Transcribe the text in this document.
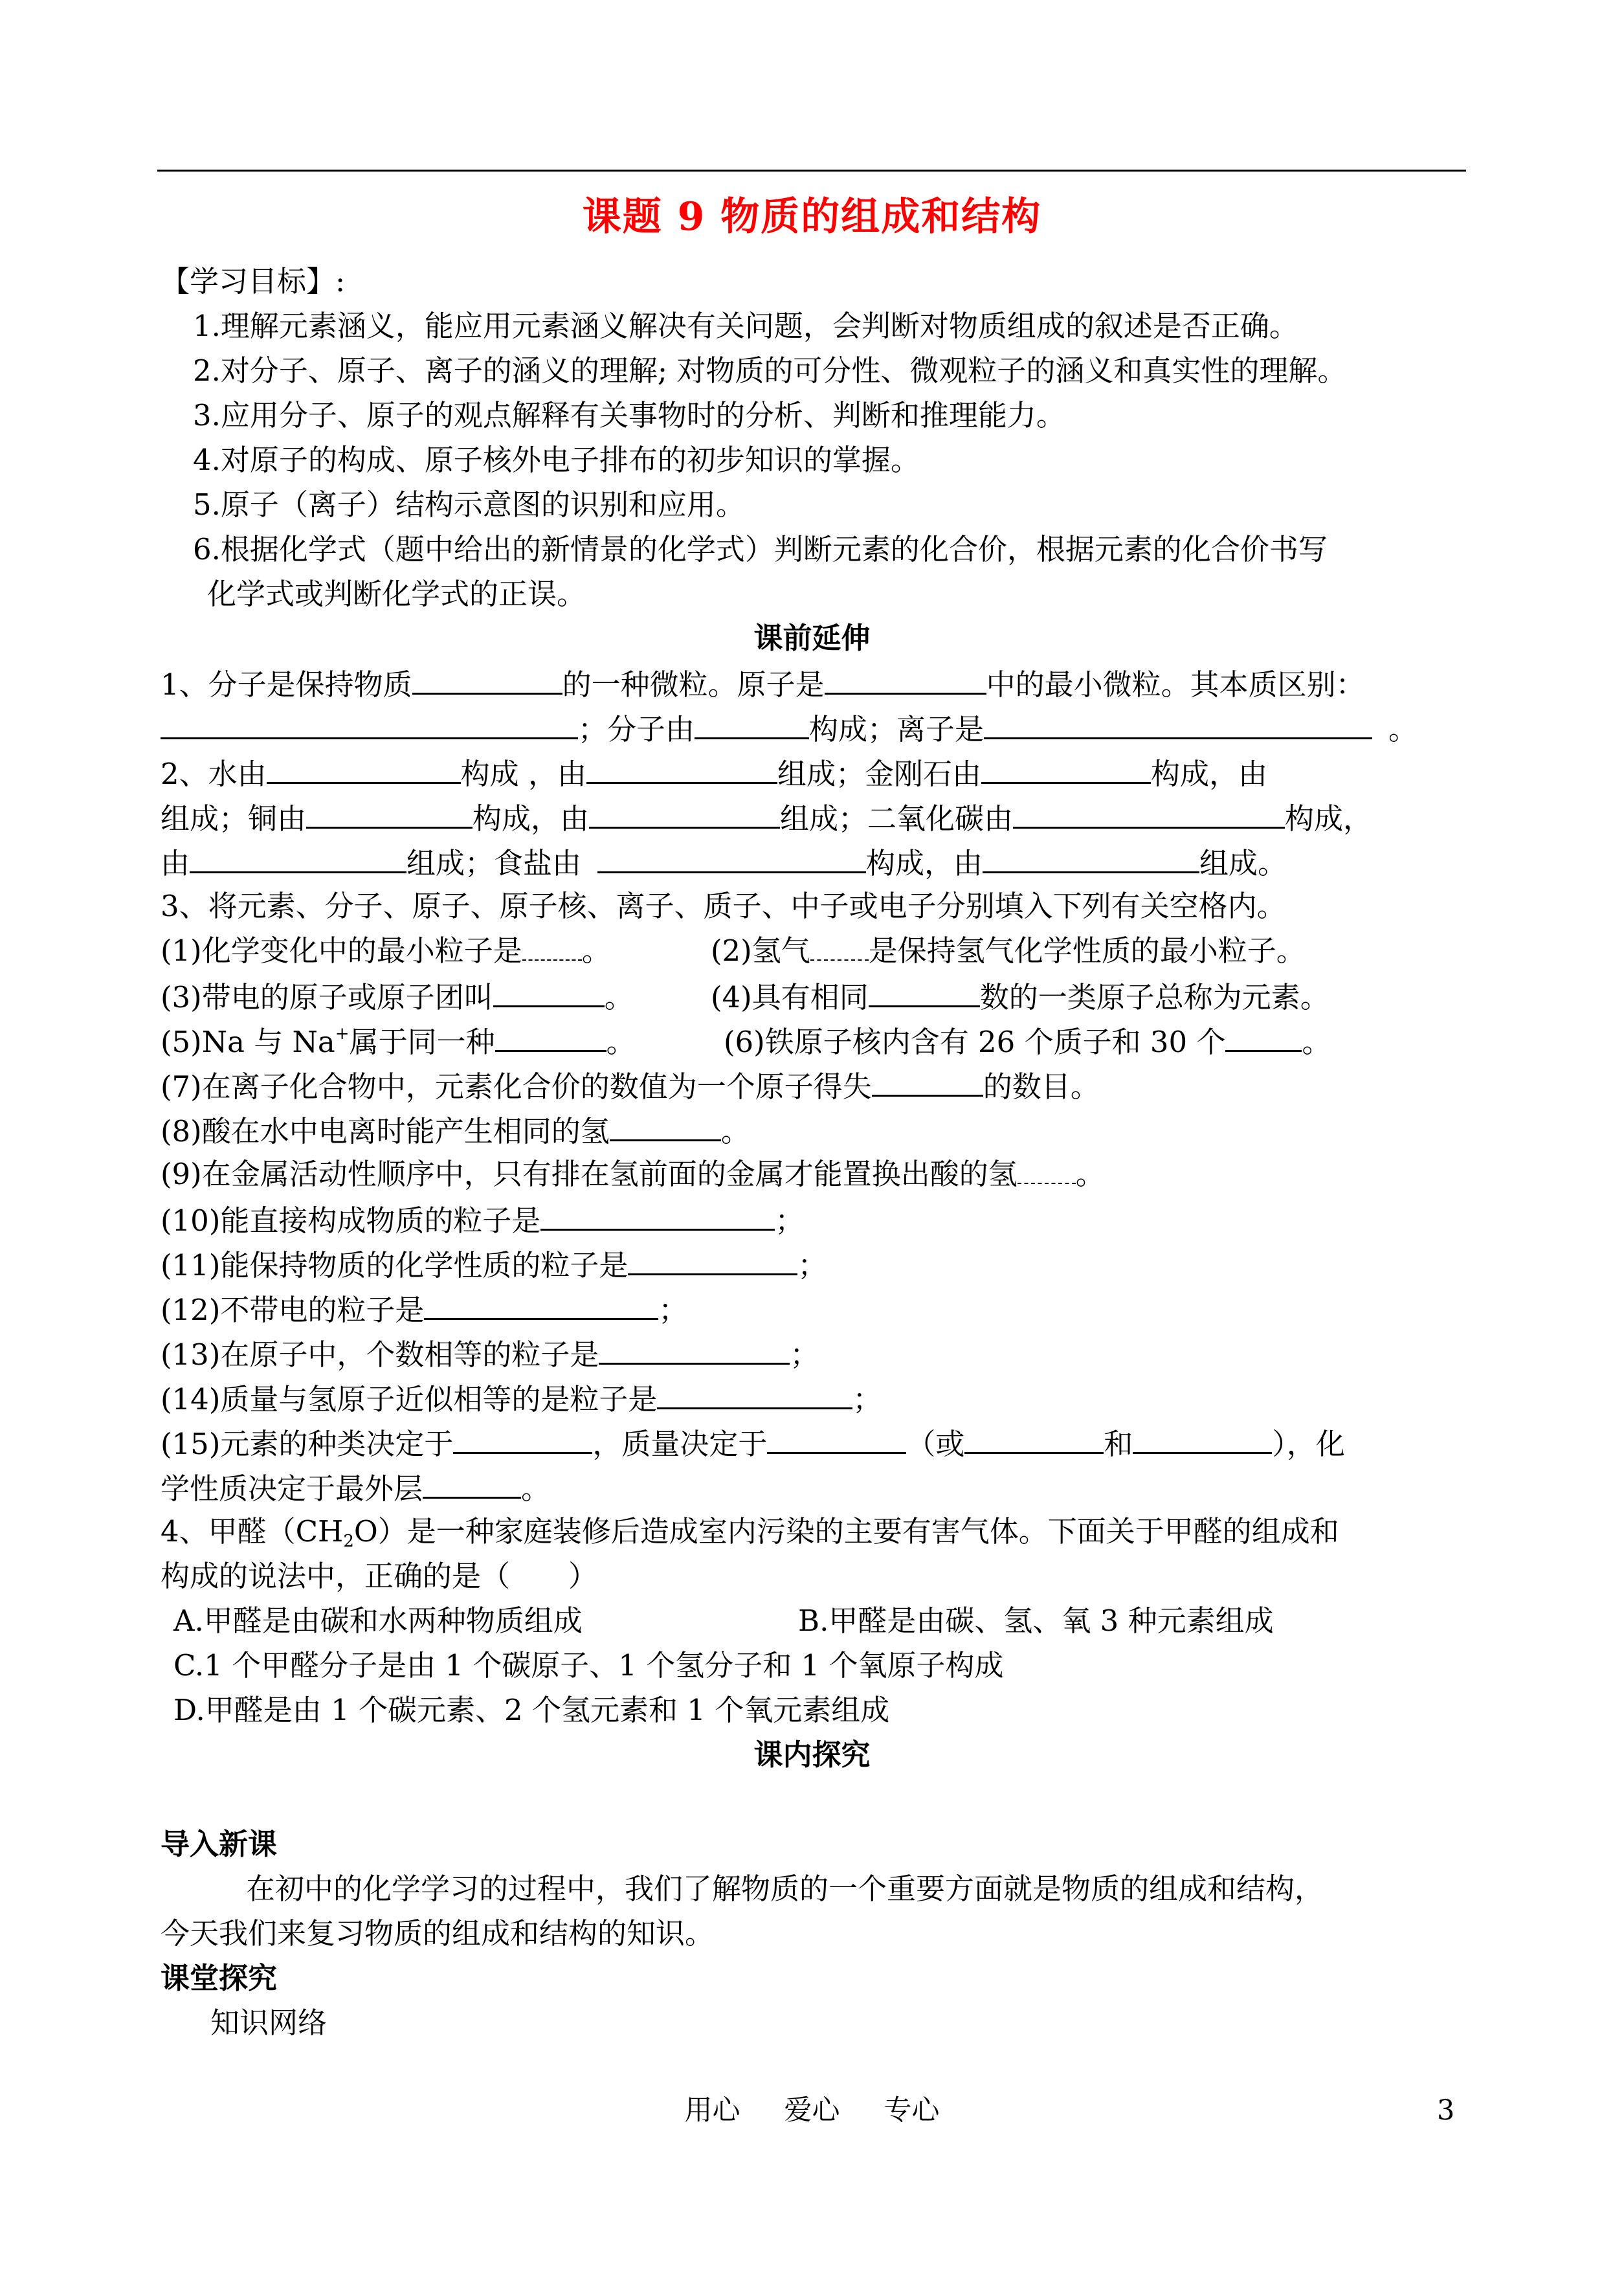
课题 9 物质的组成和结构
【学习目标】:
1.理解元素涵义，能应用元素涵义解决有关问题，会判断对物质组成的叙述是否正确。
2.对分子、原子、离子的涵义的理解; 对物质的可分性、微观粒子的涵义和真实性的理解。
3.应用分子、原子的观点解释有关事物时的分析、判断和推理能力。
4.对原子的构成、原子核外电子排布的初步知识的掌握。
5.原子（离子）结构示意图的识别和应用。
6.根据化学式（题中给出的新情景的化学式）判断元素的化合价，根据元素的化合价书写
化学式或判断化学式的正误。
课前延伸
1、分子是保持物质	的一种微粒。原子是	中的最小微粒。其本质区别：
；分子由	构成；离子是	。
2、水由	构成 ，由	组成；金刚石由	构成，由
组成；铜由	构成，由	组成；二氧化碳由	构成，
由	组成；食盐由	构成，由	组成。
3、将元素、分子、原子、原子核、离子、质子、中子或电子分别填入下列有关空格内。
(1)化学变化中的最小粒子是 。	(2)氢气 是保持氢气化学性质的最小粒子。
(3)带电的原子或原子团叫	。	(4)具有相同	数的一类原子总称为元素。
(5)Na 与 Na+属于同一种	。	(6)铁原子核内含有 26 个质子和 30 个	。
(7)在离子化合物中，元素化合价的数值为一个原子得失	的数目。
(8)酸在水中电离时能产生相同的氢	。
(9)在金属活动性顺序中，只有排在氢前面的金属才能置换出酸的氢 。
(10)能直接构成物质的粒子是	；
(11)能保持物质的化学性质的粒子是	；
(12)不带电的粒子是	；
(13)在原子中，个数相等的粒子是	；
(14)质量与氢原子近似相等的是粒子是	；
(15)元素的种类决定于	，质量决定于	（或	和	），化
学性质决定于最外层	。
4、甲醛$(CH_2O)$是一种家庭装修后造成室内污染的主要有害气体。下面关于甲醛的组成和
构成的说法中，正确的是（　　）
A.甲醛是由碳和水两种物质组成	B.甲醛是由碳、氢、氧 3 种元素组成
C.1 个甲醛分子是由 1 个碳原子、1 个氢分子和 1 个氧原子构成
D.甲醛是由 1 个碳元素、2 个氢元素和 1 个氧元素组成
课内探究
导入新课
在初中的化学学习的过程中，我们了解物质的一个重要方面就是物质的组成和结构，
今天我们来复习物质的组成和结构的知识。
课堂探究
知识网络
用心 爱心 专心	3
